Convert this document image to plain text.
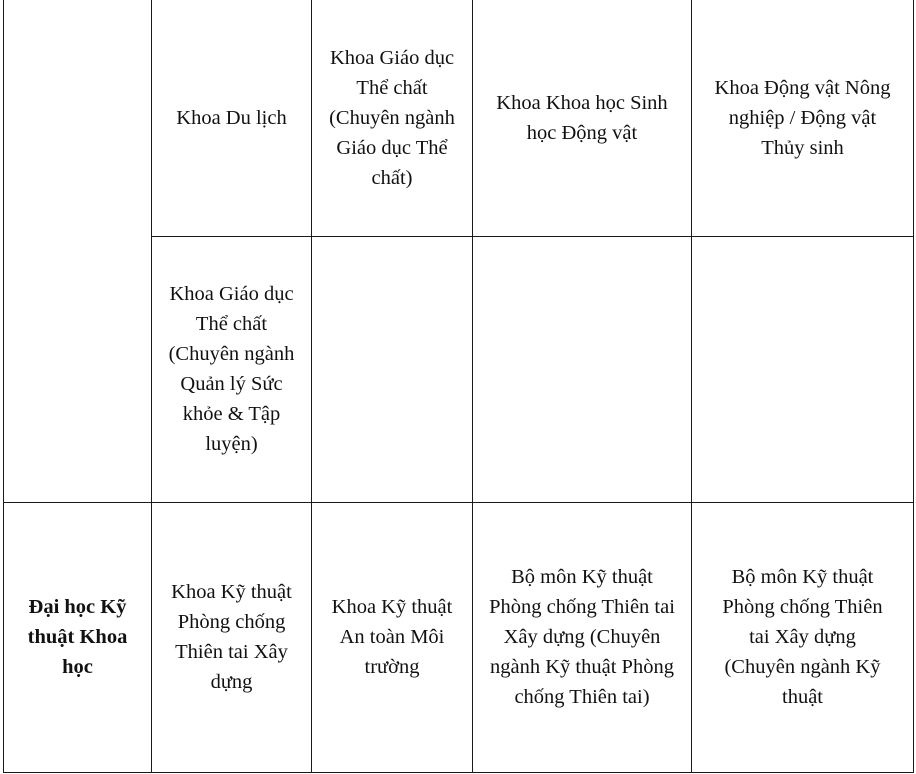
	Khoa Du lịch	Khoa Giáo dục Thể chất (Chuyên ngành Giáo dục Thể chất)	Khoa Khoa học Sinh học Động vật	Khoa Động vật Nông nghiệp / Động vật Thủy sinh
	Khoa Giáo dục Thể chất (Chuyên ngành Quản lý Sức khỏe & Tập luyện)			
Đại học Kỹ thuật Khoa học	Khoa Kỹ thuật Phòng chống Thiên tai Xây dựng	Khoa Kỹ thuật An toàn Môi trường	Bộ môn Kỹ thuật Phòng chống Thiên tai Xây dựng (Chuyên ngành Kỹ thuật Phòng chống Thiên tai)	Bộ môn Kỹ thuật Phòng chống Thiên tai Xây dựng (Chuyên ngành Kỹ thuật
